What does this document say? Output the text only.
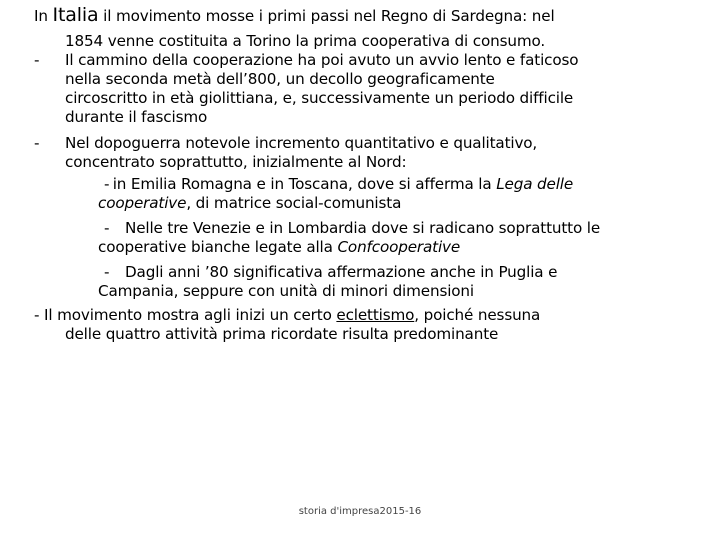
In Italia il movimento mosse i primi passi nel Regno di Sardegna: nel
1854 venne costituita a Torino la prima cooperativa di consumo.
- Il cammino della cooperazione ha poi avuto un avvio lento e faticoso
nella seconda metà dell’800, un decollo geograficamente
circoscritto in età giolittiana, e, successivamente un periodo difficile
durante il fascismo
- Nel dopoguerra notevole incremento quantitativo e qualitativo,
concentrato soprattutto, inizialmente al Nord:
- in Emilia Romagna e in Toscana, dove si afferma la Lega delle
cooperative, di matrice social-comunista
- Nelle tre Venezie e in Lombardia dove si radicano soprattutto le
cooperative bianche legate alla Confcooperative
- Dagli anni ’80 significativa affermazione anche in Puglia e
Campania, seppure con unità di minori dimensioni
- Il movimento mostra agli inizi un certo eclettismo, poiché nessuna
delle quattro attività prima ricordate risulta predominante
storia d'impresa2015-16
